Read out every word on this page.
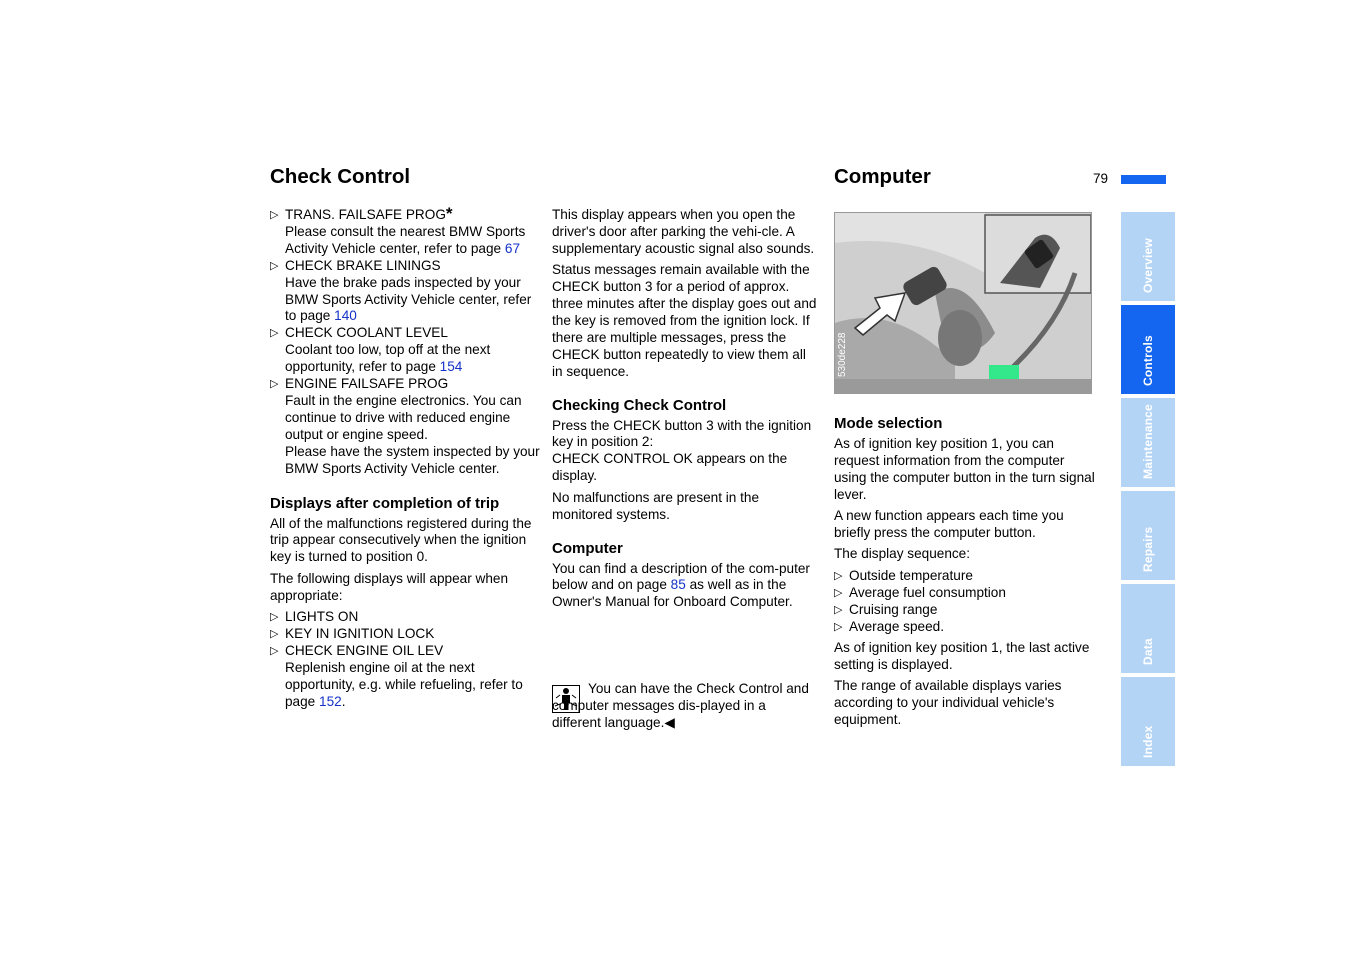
79
Check Control
▷ TRANS. FAILSAFE PROG*
Please consult the nearest BMW Sports Activity Vehicle center, refer to page 67
▷ CHECK BRAKE LININGS
Have the brake pads inspected by your BMW Sports Activity Vehicle center, refer to page 140
▷ CHECK COOLANT LEVEL
Coolant too low, top off at the next opportunity, refer to page 154
▷ ENGINE FAILSAFE PROG
Fault in the engine electronics. You can continue to drive with reduced engine output or engine speed.
Please have the system inspected by your BMW Sports Activity Vehicle center.
Displays after completion of trip

All of the malfunctions registered during the trip appear consecutively when the ignition key is turned to position 0.

The following displays will appear when appropriate:

▷ LIGHTS ON
▷ KEY IN IGNITION LOCK
▷ CHECK ENGINE OIL LEV
Replenish engine oil at the next opportunity, e.g. while refueling, refer to page 152.

This display appears when you open the driver's door after parking the vehi-cle. A supplementary acoustic signal also sounds.

Status messages remain available with the CHECK button 3 for a period of approx. three minutes after the display goes out and the key is removed from the ignition lock. If there are multiple messages, press the CHECK button repeatedly to view them all in sequence.

Checking Check Control

Press the CHECK button 3 with the ignition key in position 2:

CHECK CONTROL OK appears on the display.

No malfunctions are present in the monitored systems.

Computer

You can find a description of the com-puter below and on page 85 as well as in the Owner's Manual for Onboard Computer.

You can have the Check Control and computer messages dis-played in a different language.◀

Computer
530de228
Mode selection

As of ignition key position 1, you can request information from the computer using the computer button in the turn signal lever.

A new function appears each time you briefly press the computer button.

The display sequence:

▷ Outside temperature
▷ Average fuel consumption
▷ Cruising range
▷ Average speed.

As of ignition key position 1, the last active setting is displayed.

The range of available displays varies according to your individual vehicle's equipment.

Overview
Controls
Maintenance
Repairs
Data
Index
